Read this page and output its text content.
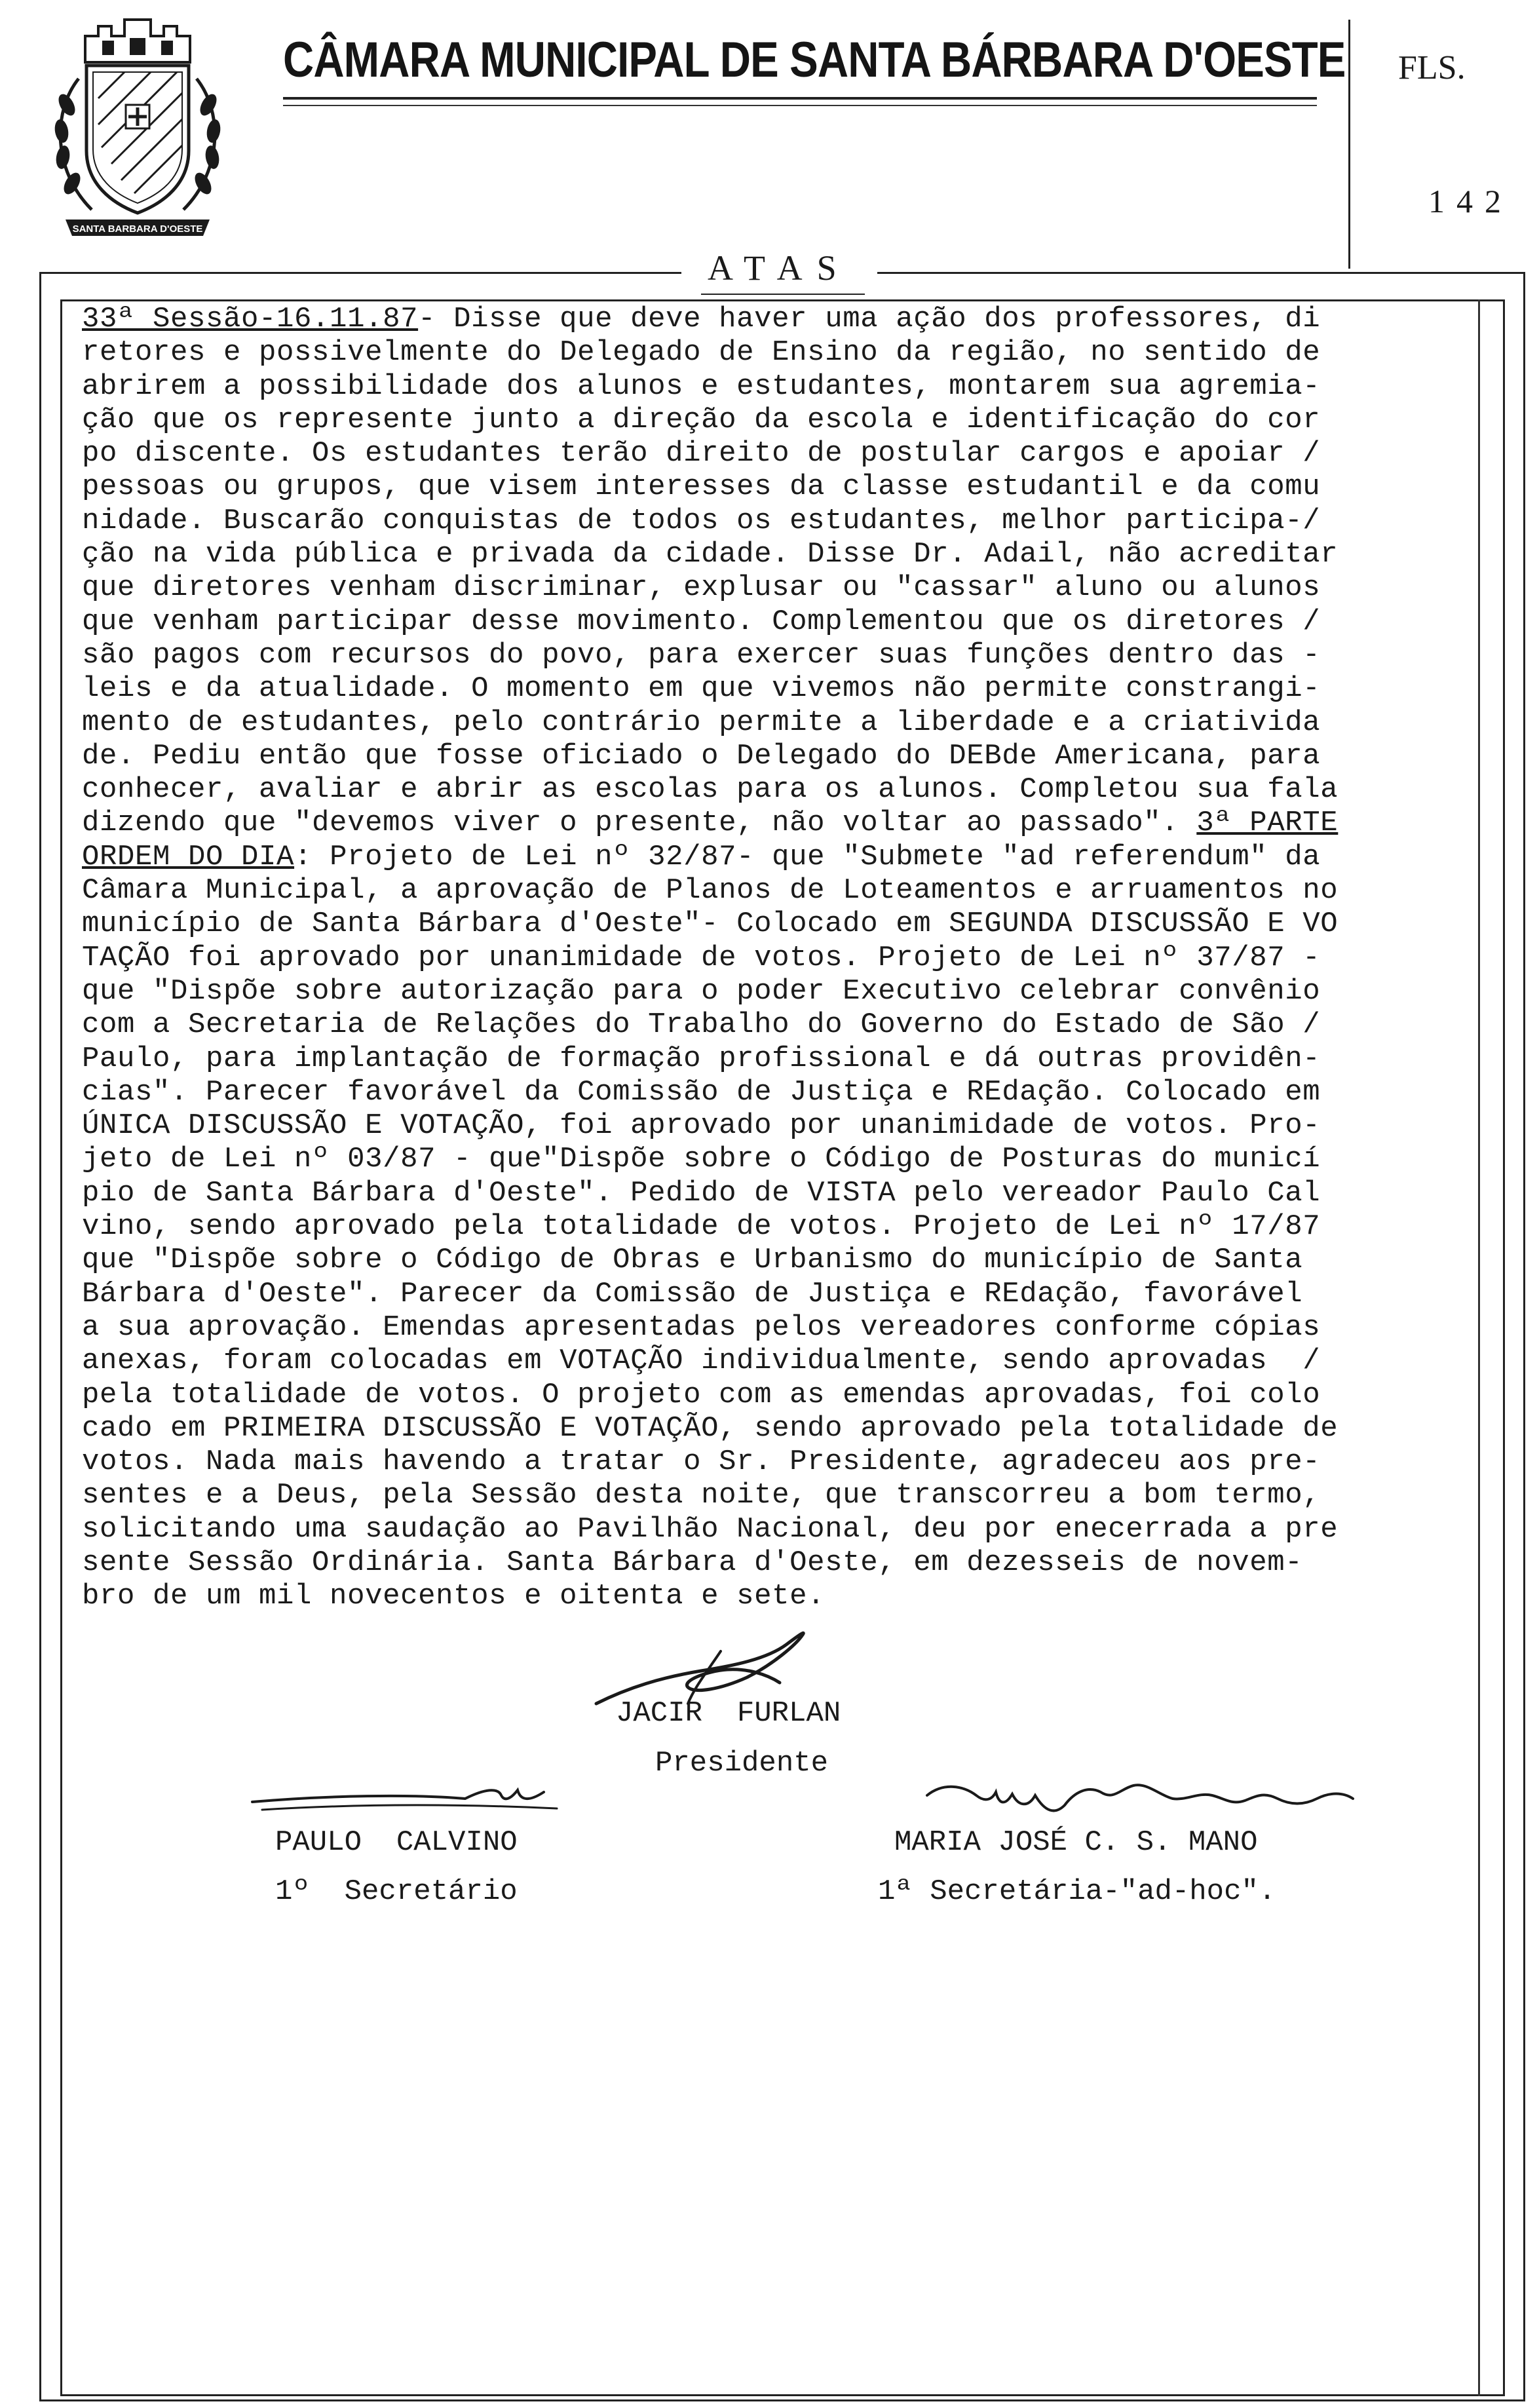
SANTA BARBARA D'OESTE
CÂMARA MUNICIPAL DE SANTA BÁRBARA D'OESTE FLS.
142
ATAS
33ª Sessão-16.11.87- Disse que deve haver uma ação dos professores, di
retores e possivelmente do Delegado de Ensino da região, no sentido de
abrirem a possibilidade dos alunos e estudantes, montarem sua agremia-
ção que os represente junto a direção da escola e identificação do cor
po discente. Os estudantes terão direito de postular cargos e apoiar /
pessoas ou grupos, que visem interesses da classe estudantil e da comu
nidade. Buscarão conquistas de todos os estudantes, melhor participa-/
ção na vida pública e privada da cidade. Disse Dr. Adail, não acreditar
que diretores venham discriminar, explusar ou "cassar" aluno ou alunos
que venham participar desse movimento. Complementou que os diretores /
são pagos com recursos do povo, para exercer suas funções dentro das -
leis e da atualidade. O momento em que vivemos não permite constrangi-
mento de estudantes, pelo contrário permite a liberdade e a criativida
de. Pediu então que fosse oficiado o Delegado do DEBde Americana, para
conhecer, avaliar e abrir as escolas para os alunos. Completou sua fala
dizendo que "devemos viver o presente, não voltar ao passado". 3ª PARTE
ORDEM DO DIA: Projeto de Lei nº 32/87- que "Submete "ad referendum" da
Câmara Municipal, a aprovação de Planos de Loteamentos e arruamentos no
município de Santa Bárbara d'Oeste"- Colocado em SEGUNDA DISCUSSÃO E VO
TAÇÃO foi aprovado por unanimidade de votos. Projeto de Lei nº 37/87 -
que "Dispõe sobre autorização para o poder Executivo celebrar convênio
com a Secretaria de Relações do Trabalho do Governo do Estado de São /
Paulo, para implantação de formação profissional e dá outras providên-
cias". Parecer favorável da Comissão de Justiça e REdação. Colocado em
ÚNICA DISCUSSÃO E VOTAÇÃO, foi aprovado por unanimidade de votos. Pro-
jeto de Lei nº 03/87 - que"Dispõe sobre o Código de Posturas do municí
pio de Santa Bárbara d'Oeste". Pedido de VISTA pelo vereador Paulo Cal
vino, sendo aprovado pela totalidade de votos. Projeto de Lei nº 17/87
que "Dispõe sobre o Código de Obras e Urbanismo do município de Santa
Bárbara d'Oeste". Parecer da Comissão de Justiça e REdação, favorável
a sua aprovação. Emendas apresentadas pelos vereadores conforme cópias
anexas, foram colocadas em VOTAÇÃO individualmente, sendo aprovadas  /
pela totalidade de votos. O projeto com as emendas aprovadas, foi colo
cado em PRIMEIRA DISCUSSÃO E VOTAÇÃO, sendo aprovado pela totalidade de
votos. Nada mais havendo a tratar o Sr. Presidente, agradeceu aos pre-
sentes e a Deus, pela Sessão desta noite, que transcorreu a bom termo,
solicitando uma saudação ao Pavilhão Nacional, deu por enecerrada a pre
sente Sessão Ordinária. Santa Bárbara d'Oeste, em dezesseis de novem-
bro de um mil novecentos e oitenta e sete.
JACIR  FURLAN
Presidente
PAULO  CALVINO
1º  Secretário
MARIA JOSÉ C. S. MANO
1ª Secretária-"ad-hoc".
